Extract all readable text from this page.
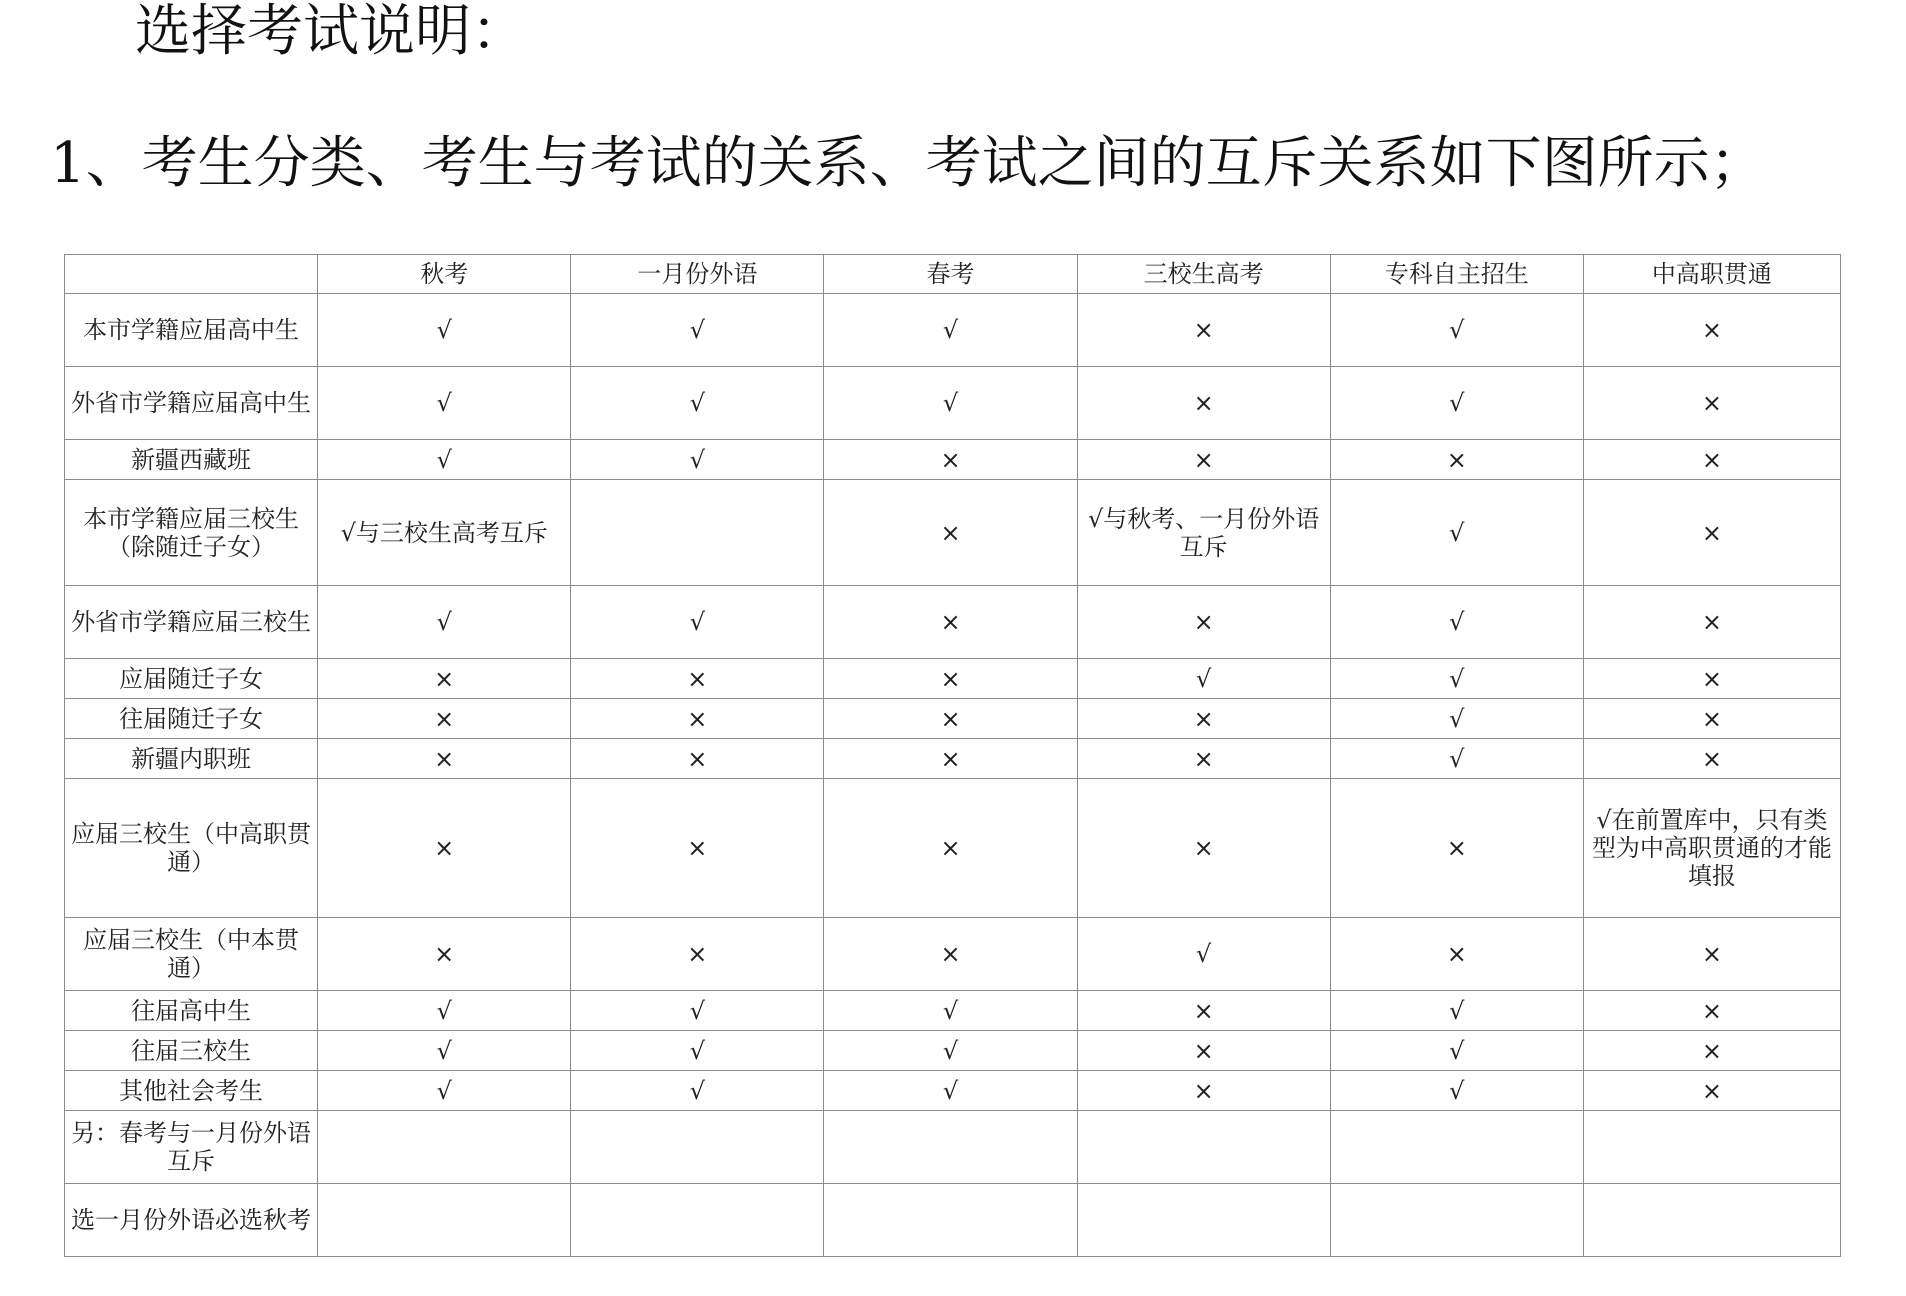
选择考试说明：
1、考生分类、考生与考试的关系、考试之间的互斥关系如下图所示；
	秋考	一月份外语	春考	三校生高考	专科自主招生	中高职贯通
本市学籍应届高中生	√	√	√	×	√	×
外省市学籍应届高中生	√	√	√	×	√	×
新疆西藏班	√	√	×	×	×	×
本市学籍应届三校生（除随迁子女）	√与三校生高考互斥		×	√与秋考、一月份外语互斥	√	×
外省市学籍应届三校生	√	√	×	×	√	×
应届随迁子女	×	×	×	√	√	×
往届随迁子女	×	×	×	×	√	×
新疆内职班	×	×	×	×	√	×
应届三校生（中高职贯通）	×	×	×	×	×	√在前置库中，只有类型为中高职贯通的才能填报
应届三校生（中本贯通）	×	×	×	√	×	×
往届高中生	√	√	√	×	√	×
往届三校生	√	√	√	×	√	×
其他社会考生	√	√	√	×	√	×
另：春考与一月份外语互斥						
选一月份外语必选秋考						
